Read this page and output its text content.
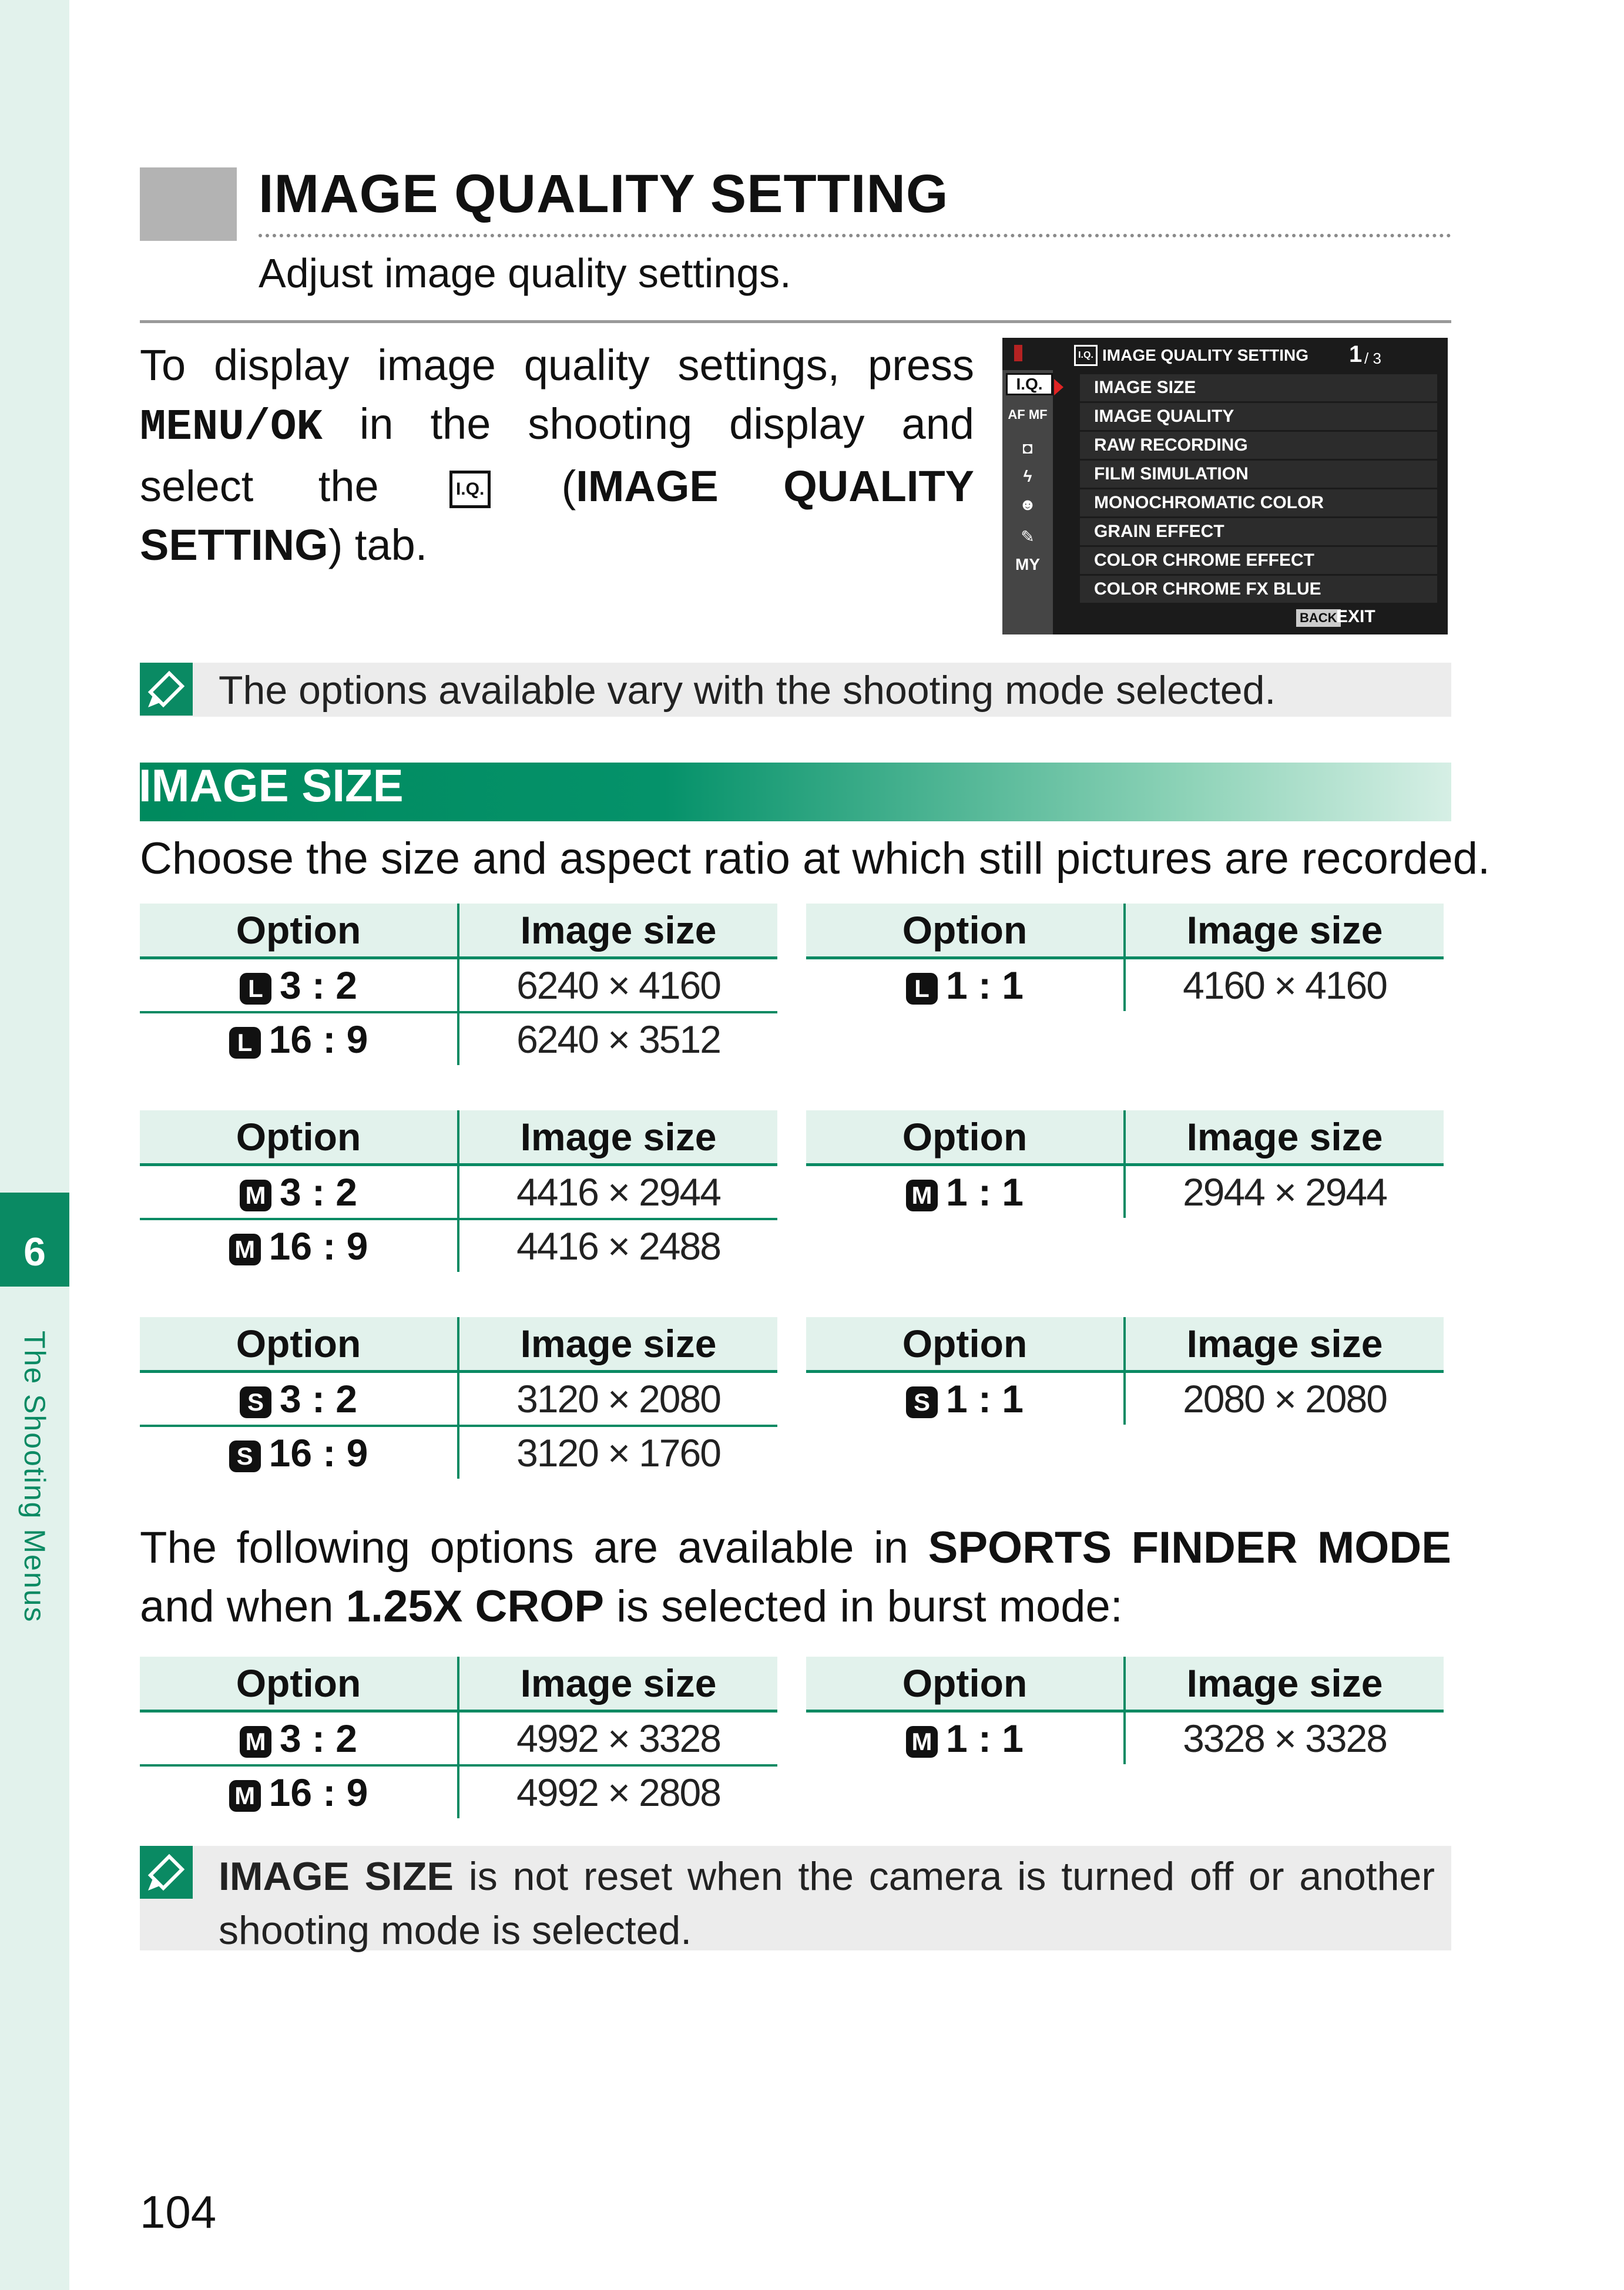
6
The Shooting Menus
IMAGE QUALITY SETTING
Adjust image quality settings.
To display image quality settings, press MENU/OK in the shooting display and select the	I.Q. (IMAGE QUALITY SETTING) tab.
I.Q. IMAGE QUALITY SETTING 1 / 3
I.Q.
AF MF
◘
ϟ
☻
✎
MY
IMAGE SIZE
IMAGE QUALITY
RAW RECORDING
FILM SIMULATION
MONOCHROMATIC COLOR
GRAIN EFFECT
COLOR CHROME EFFECT
COLOR CHROME FX BLUE
BACK
EXIT
The options available vary with the shooting mode selected.
IMAGE SIZE
Choose the size and aspect ratio at which still pictures are recorded.
Option	Image size
L 3 : 2	6240 × 4160
L 16 : 9	6240 × 3512
Option	Image size
L 1 : 1	4160 × 4160
Option	Image size
M 3 : 2	4416 × 2944
M 16 : 9	4416 × 2488
Option	Image size
M 1 : 1	2944 × 2944
Option	Image size
S 3 : 2	3120 × 2080
S 16 : 9	3120 × 1760
Option	Image size
S 1 : 1	2080 × 2080
The following options are available in SPORTS FINDER MODE and when 1.25X CROP is selected in burst mode:
Option	Image size
M 3 : 2	4992 × 3328
M 16 : 9	4992 × 2808
Option	Image size
M 1 : 1	3328 × 3328
IMAGE SIZE is not reset when the camera is turned off or another shooting mode is selected.
104
